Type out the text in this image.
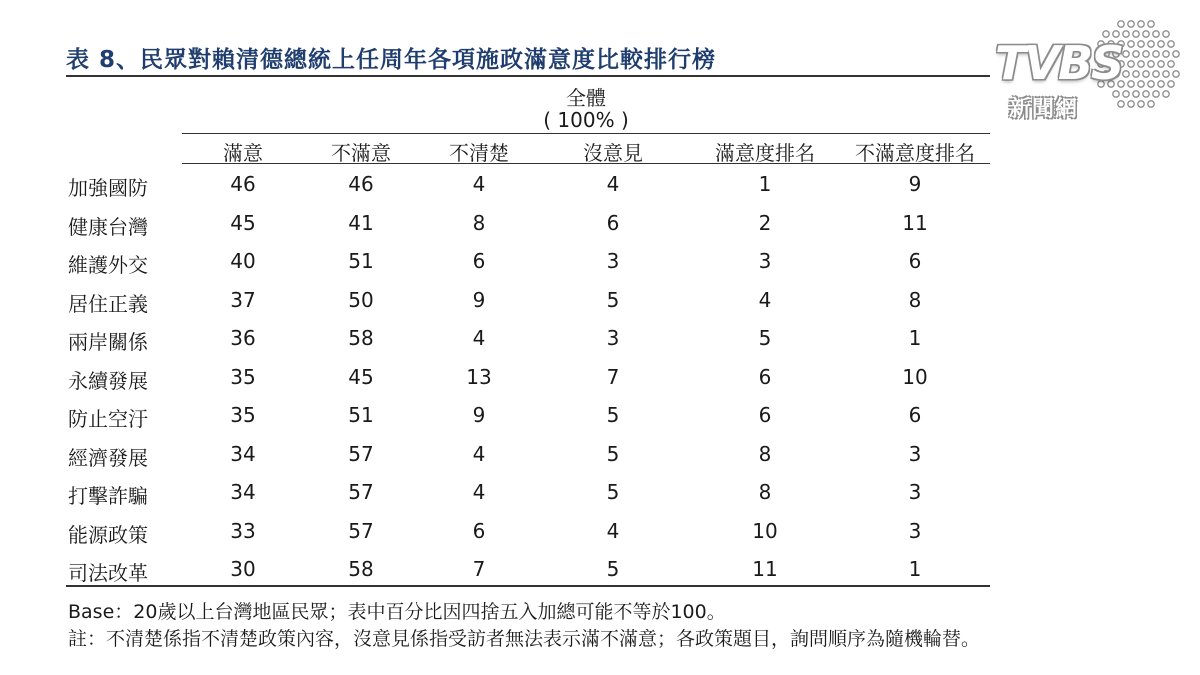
表 8、民眾對賴清德總統上任周年各項施政滿意度比較排行榜	TVBS
新聞網
全體
( 100% )
滿意	不滿意	不清楚	沒意見	滿意度排名 不滿意度排名
加強國防	46	46	4	4	1	9
健康台灣	45	41	8	6	2	11
維護外交	40	51	6	3	3	6
居住正義	37	50	9	5	4	8
兩岸關係	36	58	4	3	5	1
永續發展	35	45	13	7	6	10
防止空汙	35	51	9	5	6	6
經濟發展	34	57	4	5	8	3
打擊詐騙	34	57	4	5	8	3
能源政策	33	57	6	4	10	3
司法改革	30	58	7	5	11	1
Base：20歲以上台灣地區民眾；表中百分比因四捨五入加總可能不等於100。
註：不清楚係指不清楚政策內容，沒意見係指受訪者無法表示滿不滿意；各政策題目，詢問順序為隨機輪替。
